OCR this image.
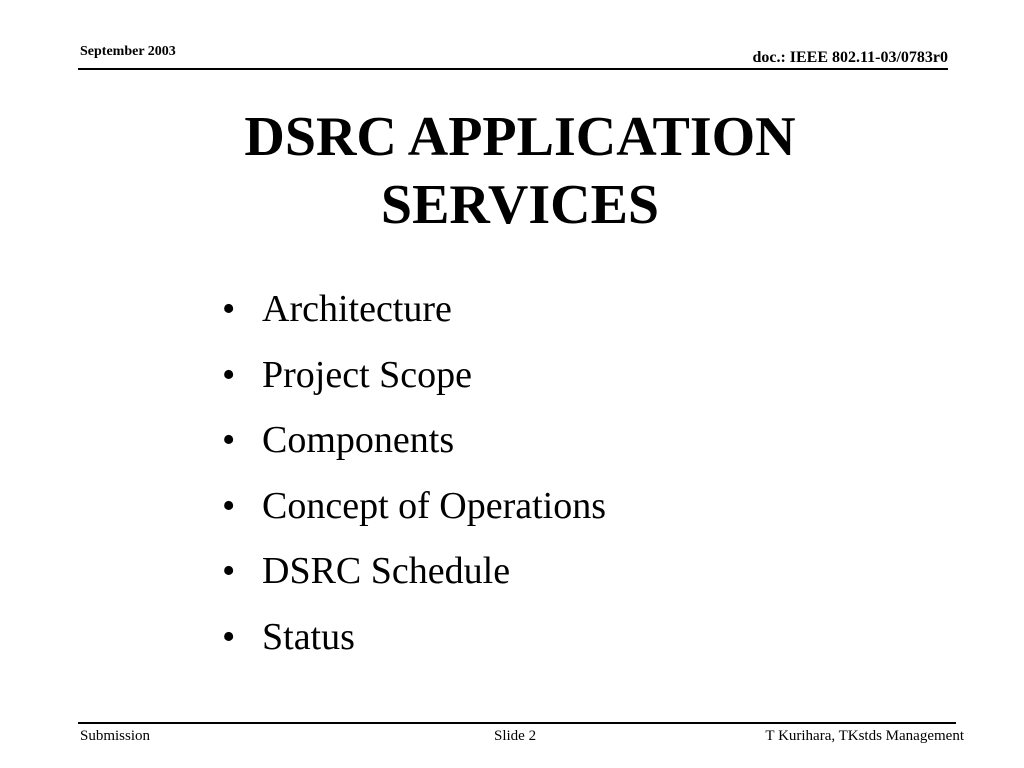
September 2003	doc.: IEEE 802.11-03/0783r0
DSRC APPLICATION
SERVICES
• Architecture
• Project Scope
• Components
• Concept of Operations
• DSRC Schedule
• Status
Submission	Slide 2	T Kurihara, TKstds Management
